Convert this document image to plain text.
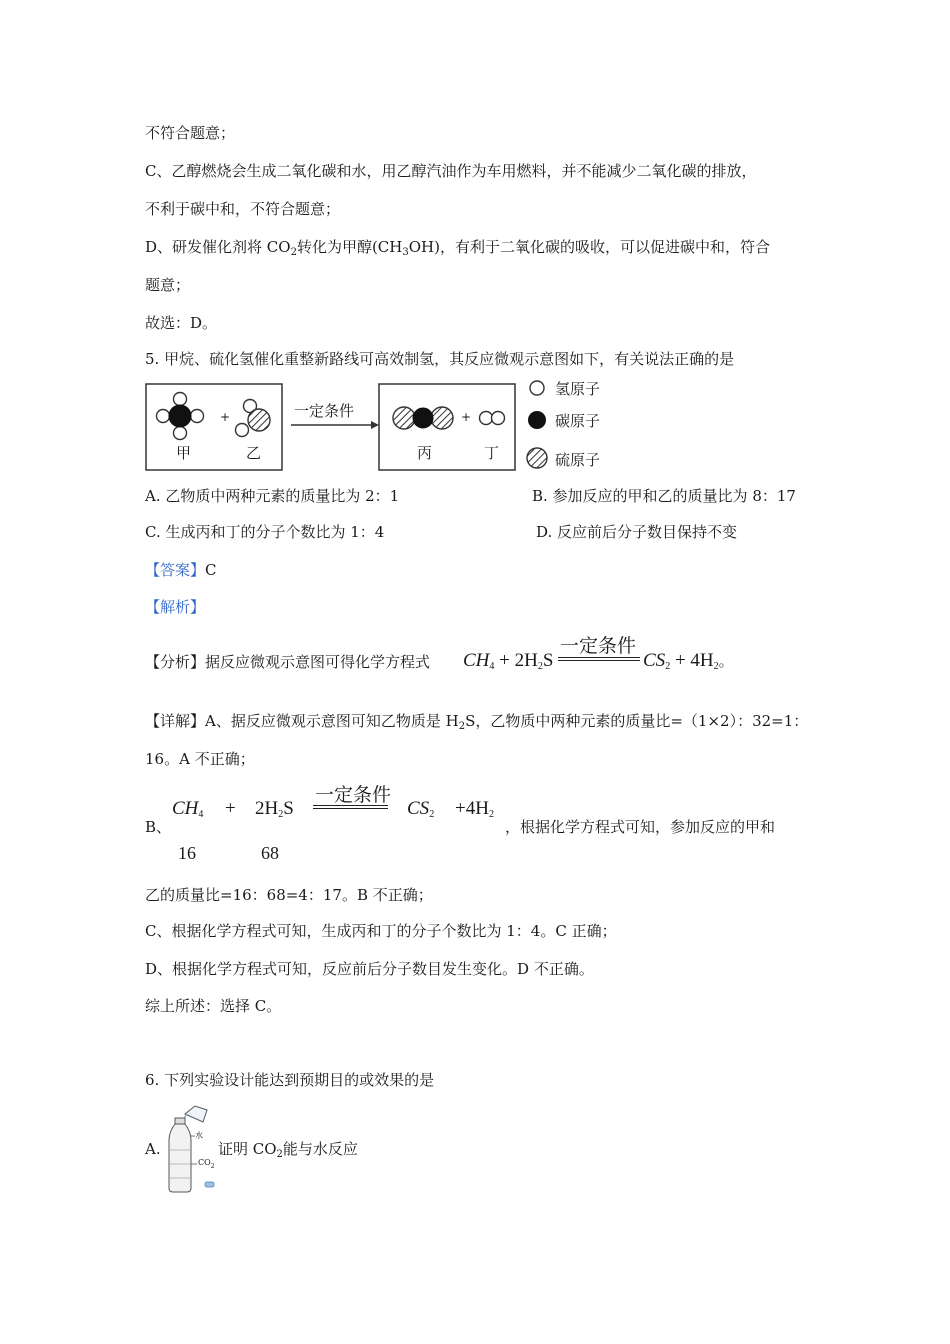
不符合题意；
C、乙醇燃烧会生成二氧化碳和水，用乙醇汽油作为车用燃料，并不能减少二氧化碳的排放，
不利于碳中和，不符合题意；
D、研发催化剂将 $CO_2$转化为甲醇$(CH_3OH)$，有利于二氧化碳的吸收，可以促进碳中和，符合
题意；
故选：D。
5. 甲烷、硫化氢催化重整新路线可高效制氢，其反应微观示意图如下，有关说法正确的是
+
甲	乙
一定条件	+
丙	丁
氢原子
碳原子
硫原子
A. 乙物质中两种元素的质量比为 2：1	B. 参加反应的甲和乙的质量比为 8：17
C. 生成丙和丁的分子个数比为 1：4	D. 反应前后分子数目保持不变
【答案】C
【解析】
【分析】据反应微观示意图可得化学方程式 $CH_4 + 2H_2S$
一定条件
$CS_2 + 4H_2$。
【详解】A、据反应微观示意图可知乙物质是 $H_2S$，乙物质中两种元素的质量比=（1×2）：32=1：
16。A 不正确；
B、
$CH_4 + 2H_2S$
一定条件
$CS_2 +4H_2$
，根据化学方程式可知，参加反应的甲和
16	68
乙的质量比=16：68=4：17。B 不正确；
C、根据化学方程式可知，生成丙和丁的分子个数比为 1：4。C 正确；
D、根据化学方程式可知，反应前后分子数目发生变化。D 不正确。
综上所述：选择 C。
6. 下列实验设计能达到预期目的或效果的是
A.
水
$CO_2$
证明 $CO_2$能与水反应
